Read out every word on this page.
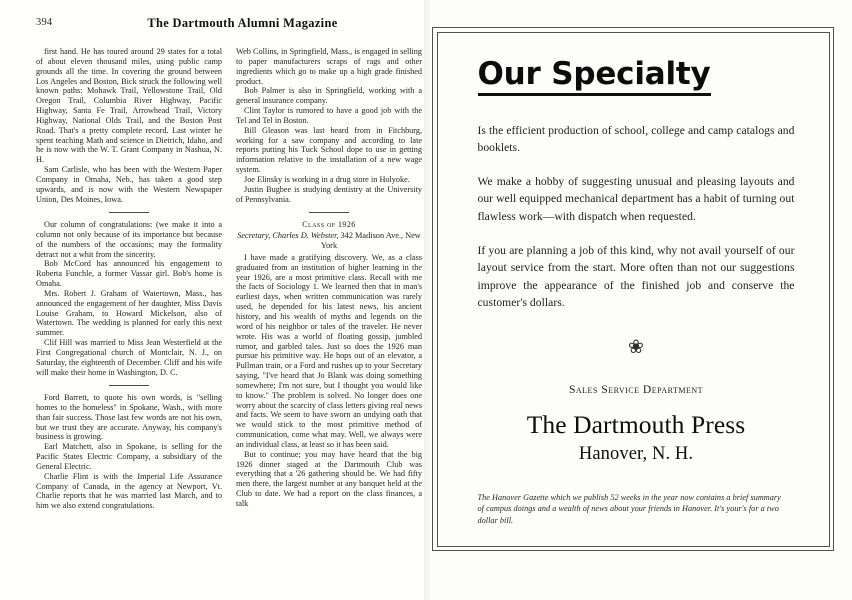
394	The Dartmouth Alumni Magazine

first hand. He has toured around 29 states for a total of about eleven thousand miles, using public camp grounds all the time. In covering the ground between Los Angeles and Boston, Bick struck the following well known paths: Mohawk Trail, Yellowstone Trail, Old Oregon Trail, Columbia River Highway, Pacific Highway, Santa Fe Trail, Arrowhead Trail, Victory Highway, National Olds Trail, and the Boston Post Road. That's a pretty complete record. Last winter he spent teaching Math and science in Dietrich, Idaho, and he is now with the W. T. Grant Company in Nashua, N. H.

Sam Carlisle, who has been with the Western Paper Company in Omaha, Neb., has taken a good step upwards, and is now with the Western Newspaper Union, Des Moines, Iowa.

Our column of congratulations: (we make it into a column not only because of its importance but because of the numbers of the occasions; may the formality detract not a whit from the sincerity.

Bob McCord has announced his engagement to Roberta Funchle, a former Vassar girl. Bob's home is Omaha.

Mrs. Robert J. Graham of Watertown, Mass., has announced the engagement of her daughter, Miss Davis Louise Graham, to Howard Mickelson, also of Watertown. The wedding is planned for early this next summer.

Clif Hill was married to Miss Jean Westerfield at the First Congregational church of Montclair, N. J., on Saturday, the eighteenth of December. Cliff and his wife will make their home in Washington, D. C.

Ford Barrett, to quote his own words, is "selling homes to the homeless" in Spokane, Wash., with more than fair success. Those last few words are not his own, but we trust they are accurate. Anyway, his company's business is growing.

Earl Matchett, also in Spokane, is selling for the Pacific States Electric Company, a subsidiary of the General Electric.

Charlie Flint is with the Imperial Life Assurance Company of Canada, in the agency at Newport, Vt. Charlie reports that he was married last March, and to him we also extend congratulations.

Web Collins, in Springfield, Mass., is engaged in selling to paper manufacturers scraps of rags and other ingredients which go to make up a high grade finished product.

Bob Palmer is also in Springfield, working with a general insurance company.

Clint Taylor is rumored to have a good job with the Tel and Tel in Boston.

Bill Gleason was last heard from in Fitchburg, working for a saw company and according to late reports putting his Tuck School dope to use in getting information relative to the installation of a new wage system.

Joe Elinsky is working in a drug store in Holyoke.

Justin Bugbee is studying dentistry at the University of Pennsylvania.

Class of 1926
Secretary, Charles D. Webster, 342 Madison Ave., New York

I have made a gratifying discovery. We, as a class graduated from an institution of higher learning in the year 1926, are a most primitive class. Recall with me the facts of Sociology 1. We learned then that in man's earliest days, when written communication was rarely used, he depended for his latest news, his ancient history, and his wealth of myths and legends on the word of his neighbor or tales of the traveler. He never wrote. His was a world of floating gossip, jumbled rumor, and garbled tales. Just so does the 1926 man pursue his primitive way. He hops out of an elevator, a Pullman train, or a Ford and rushes up to your Secretary saying, "I've heard that Jo Blank was doing something somewhere; I'm not sure, but I thought you would like to know." The problem is solved. No longer does one worry about the scarcity of class letters giving real news and facts. We seem to have sworn an undying oath that we would stick to the most primitive method of communication, come what may. Well, we always were an individual class, at least so it has been said.

But to continue; you may have heard that the big 1926 dinner staged at the Dartmouth Club was everything that a '26 gathering should be. We had fifty men there, the largest number at any banquet held at the Club to date. We had a report on the class finances, a talk

Our Specialty

Is the efficient production of school, college and camp catalogs and booklets.

We make a hobby of suggesting unusual and pleasing layouts and our well equipped mechanical department has a habit of turning out flawless work—with dispatch when requested.

If you are planning a job of this kind, why not avail yourself of our layout service from the start. More often than not our suggestions improve the appearance of the finished job and conserve the customer's dollars.

❀
Sales Service Department
The Dartmouth Press
Hanover, N. H.
The Hanover Gazette which we publish 52 weeks in the year now contains a brief summary of campus doings and a wealth of news about your friends in Hanover. It's your's for a two dollar bill.
